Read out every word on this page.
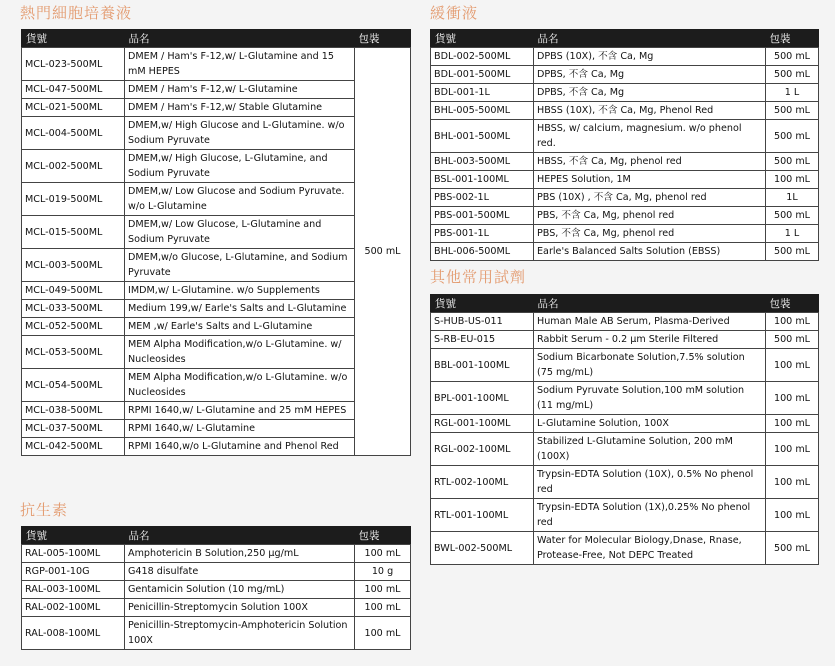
熱門細胞培養液
抗生素
緩衝液
其他常用試劑
貨號	品名	包裝
MCL-023-500ML	DMEM / Ham's F-12,w/ L-Glutamine and 15 mM HEPES	500 mL
MCL-047-500ML	DMEM / Ham's F-12,w/ L-Glutamine	
MCL-021-500ML	DMEM / Ham's F-12,w/ Stable Glutamine	
MCL-004-500ML	DMEM,w/ High Glucose and L-Glutamine. w/o Sodium Pyruvate	
MCL-002-500ML	DMEM,w/ High Glucose, L-Glutamine, and Sodium Pyruvate	
MCL-019-500ML	DMEM,w/ Low Glucose and Sodium Pyruvate. w/o L-Glutamine	
MCL-015-500ML	DMEM,w/ Low Glucose, L-Glutamine and Sodium Pyruvate	
MCL-003-500ML	DMEM,w/o Glucose, L-Glutamine, and Sodium Pyruvate	
MCL-049-500ML	IMDM,w/ L-Glutamine. w/o Supplements	
MCL-033-500ML	Medium 199,w/ Earle's Salts and L-Glutamine	
MCL-052-500ML	MEM ,w/ Earle's Salts and L-Glutamine	
MCL-053-500ML	MEM Alpha Modification,w/o L-Glutamine. w/ Nucleosides	
MCL-054-500ML	MEM Alpha Modification,w/o L-Glutamine. w/o Nucleosides	
MCL-038-500ML	RPMI 1640,w/ L-Glutamine and 25 mM HEPES	
MCL-037-500ML	RPMI 1640,w/ L-Glutamine	
MCL-042-500ML	RPMI 1640,w/o L-Glutamine and Phenol Red	
貨號	品名	包裝
RAL-005-100ML	Amphotericin B Solution,250 µg/mL	100 mL
RGP-001-10G	G418 disulfate	10 g
RAL-003-100ML	Gentamicin Solution (10 mg/mL)	100 mL
RAL-002-100ML	Penicillin-Streptomycin Solution 100X	100 mL
RAL-008-100ML	Penicillin-Streptomycin-Amphotericin Solution 100X	100 mL
貨號	品名	包裝
BDL-002-500ML	DPBS (10X), 不含 Ca, Mg	500 mL
BDL-001-500ML	DPBS, 不含 Ca, Mg	500 mL
BDL-001-1L	DPBS, 不含 Ca, Mg	1 L
BHL-005-500ML	HBSS (10X), 不含 Ca, Mg, Phenol Red	500 mL
BHL-001-500ML	HBSS, w/ calcium, magnesium. w/o phenol red.	500 mL
BHL-003-500ML	HBSS, 不含 Ca, Mg, phenol red	500 mL
BSL-001-100ML	HEPES Solution, 1M	100 mL
PBS-002-1L	PBS (10X) , 不含 Ca, Mg, phenol red	1L
PBS-001-500ML	PBS, 不含 Ca, Mg, phenol red	500 mL
PBS-001-1L	PBS, 不含 Ca, Mg, phenol red	1 L
BHL-006-500ML	Earle's Balanced Salts Solution (EBSS)	500 mL
貨號	品名	包裝
S-HUB-US-011	Human Male AB Serum, Plasma-Derived	100 mL
S-RB-EU-015	Rabbit Serum - 0.2 µm Sterile Filtered	500 mL
BBL-001-100ML	Sodium Bicarbonate Solution,7.5% solution (75 mg/mL)	100 mL
BPL-001-100ML	Sodium Pyruvate Solution,100 mM solution (11 mg/mL)	100 mL
RGL-001-100ML	L-Glutamine Solution, 100X	100 mL
RGL-002-100ML	Stabilized L-Glutamine Solution, 200 mM (100X)	100 mL
RTL-002-100ML	Trypsin-EDTA Solution (10X), 0.5% No phenol red	100 mL
RTL-001-100ML	Trypsin-EDTA Solution (1X),0.25% No phenol red	100 mL
BWL-002-500ML	Water for Molecular Biology,Dnase, Rnase, Protease-Free, Not DEPC Treated	500 mL
